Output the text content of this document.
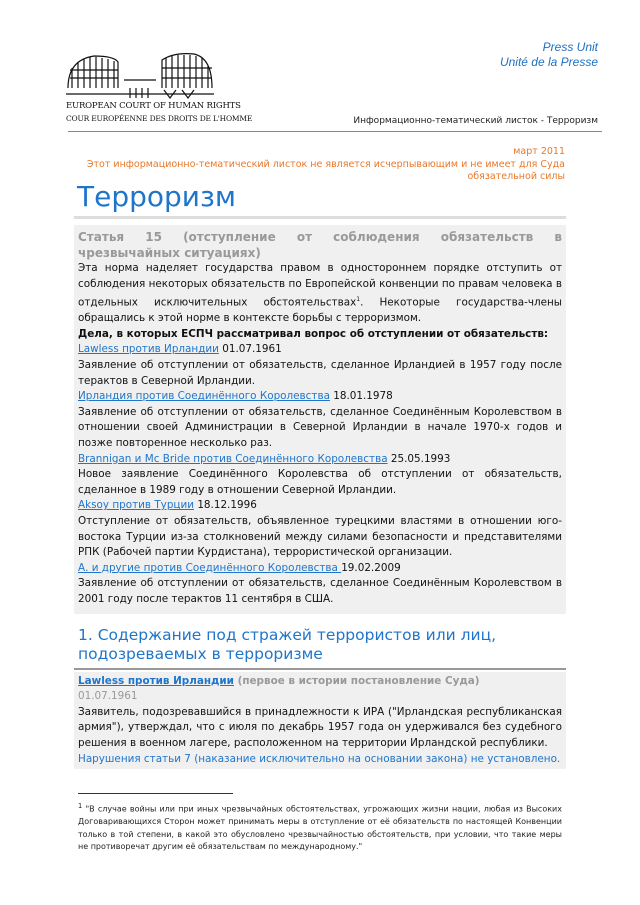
EUROPEAN COURT OF HUMAN RIGHTS
COUR EUROPÉENNE DES DROITS DE L'HOMME
Press Unit
Unité de la Presse
Информационно-тематический листок - Терроризм
март 2011
Этот информационно-тематический листок не является исчерпывающим и не имеет для Суда обязательной силы
Терроризм

Статья 15 (отступление от соблюдения обязательств в чрезвычайных ситуациях)

Эта норма наделяет государства правом в одностороннем порядке отступить от соблюдения некоторых обязательств по Европейской конвенции по правам человека в отдельных исключительных обстоятельствах$^1$. Некоторые государства-члены обращались к этой норме в контексте борьбы с терроризмом.

Дела, в которых ЕСПЧ рассматривал вопрос об отступлении от обязательств:

Lawless против Ирландии 01.07.1961

Заявление об отступлении от обязательств, сделанное Ирландией в 1957 году после терактов в Северной Ирландии.

Ирландия против Соединённого Королевства 18.01.1978

Заявление об отступлении от обязательств, сделанное Соединённым Королевством в отношении своей Администрации в Северной Ирландии в начале 1970-х годов и позже повторенное несколько раз.

Brannigan и Mc Bride против Соединённого Королевства 25.05.1993

Новое заявление Соединённого Королевства об отступлении от обязательств, сделанное в 1989 году в отношении Северной Ирландии.

Aksoy против Турции 18.12.1996

Отступление от обязательств, объявленное турецкими властями в отношении юго-востока Турции из-за столкновений между силами безопасности и представителями РПК (Рабочей партии Курдистана), террористической организации.

А. и другие против Соединённого Королевства 19.02.2009

Заявление об отступлении от обязательств, сделанное Соединённым Королевством в 2001 году после терактов 11 сентября в США.

1. Содержание под стражей террористов или лиц, подозреваемых в терроризме

Lawless против Ирландии (первое в истории постановление Суда)

01.07.1961

Заявитель, подозревавшийся в принадлежности к ИРА ("Ирландская республиканская армия"), утверждал, что с июля по декабрь 1957 года он удерживался без судебного решения в военном лагере, расположенном на территории Ирландской республики.

Нарушения статьи 7 (наказание исключительно на основании закона) не установлено.

$^1$ "В случае войны или при иных чрезвычайных обстоятельствах, угрожающих жизни нации, любая из Высоких Договаривающихся Сторон может принимать меры в отступление от её обязательств по настоящей Конвенции только в той степени, в какой это обусловлено чрезвычайностью обстоятельств, при условии, что такие меры не противоречат другим её обязательствам по международному."
